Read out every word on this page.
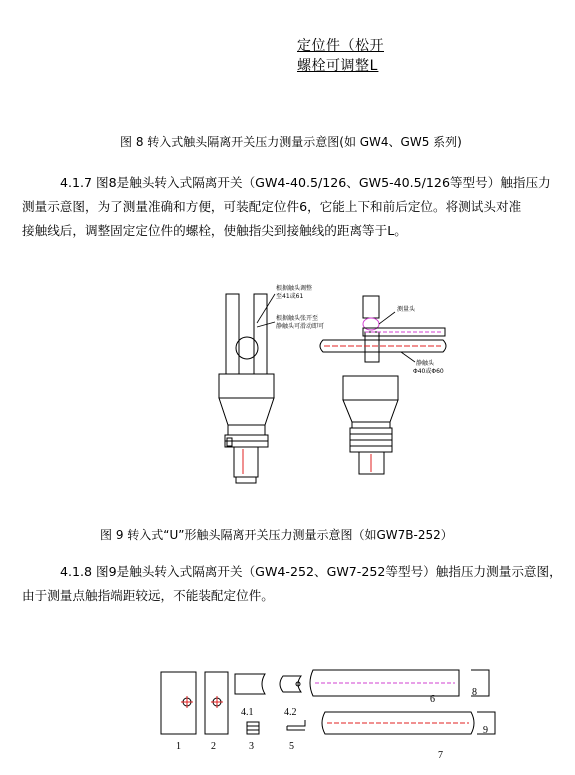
定位件（松开
螺栓可调整L
图 8 转入式触头隔离开关压力测量示意图(如 GW4、GW5 系列)
4.1.7 图8是触头转入式隔离开关（GW4-40.5/126、GW5-40.5/126等型号）触指压力
测量示意图，为了测量准确和方便，可装配定位件6，它能上下和前后定位。将测试头对准
接触线后，调整固定定位件的螺栓，使触指尖到接触线的距离等于L。
根据触头调整
至41或61
根据触头张开至
静触头可滑动即可
测量头
静触头
Φ40或Φ60
图 9 转入式“U”形触头隔离开关压力测量示意图（如GW7B-252）
4.1.8 图9是触头转入式隔离开关（GW4-252、GW7-252等型号）触指压力测量示意图，
由于测量点触指端距较远，不能装配定位件。
1	2
4.1
3
4.2
5
6
7
8
9
